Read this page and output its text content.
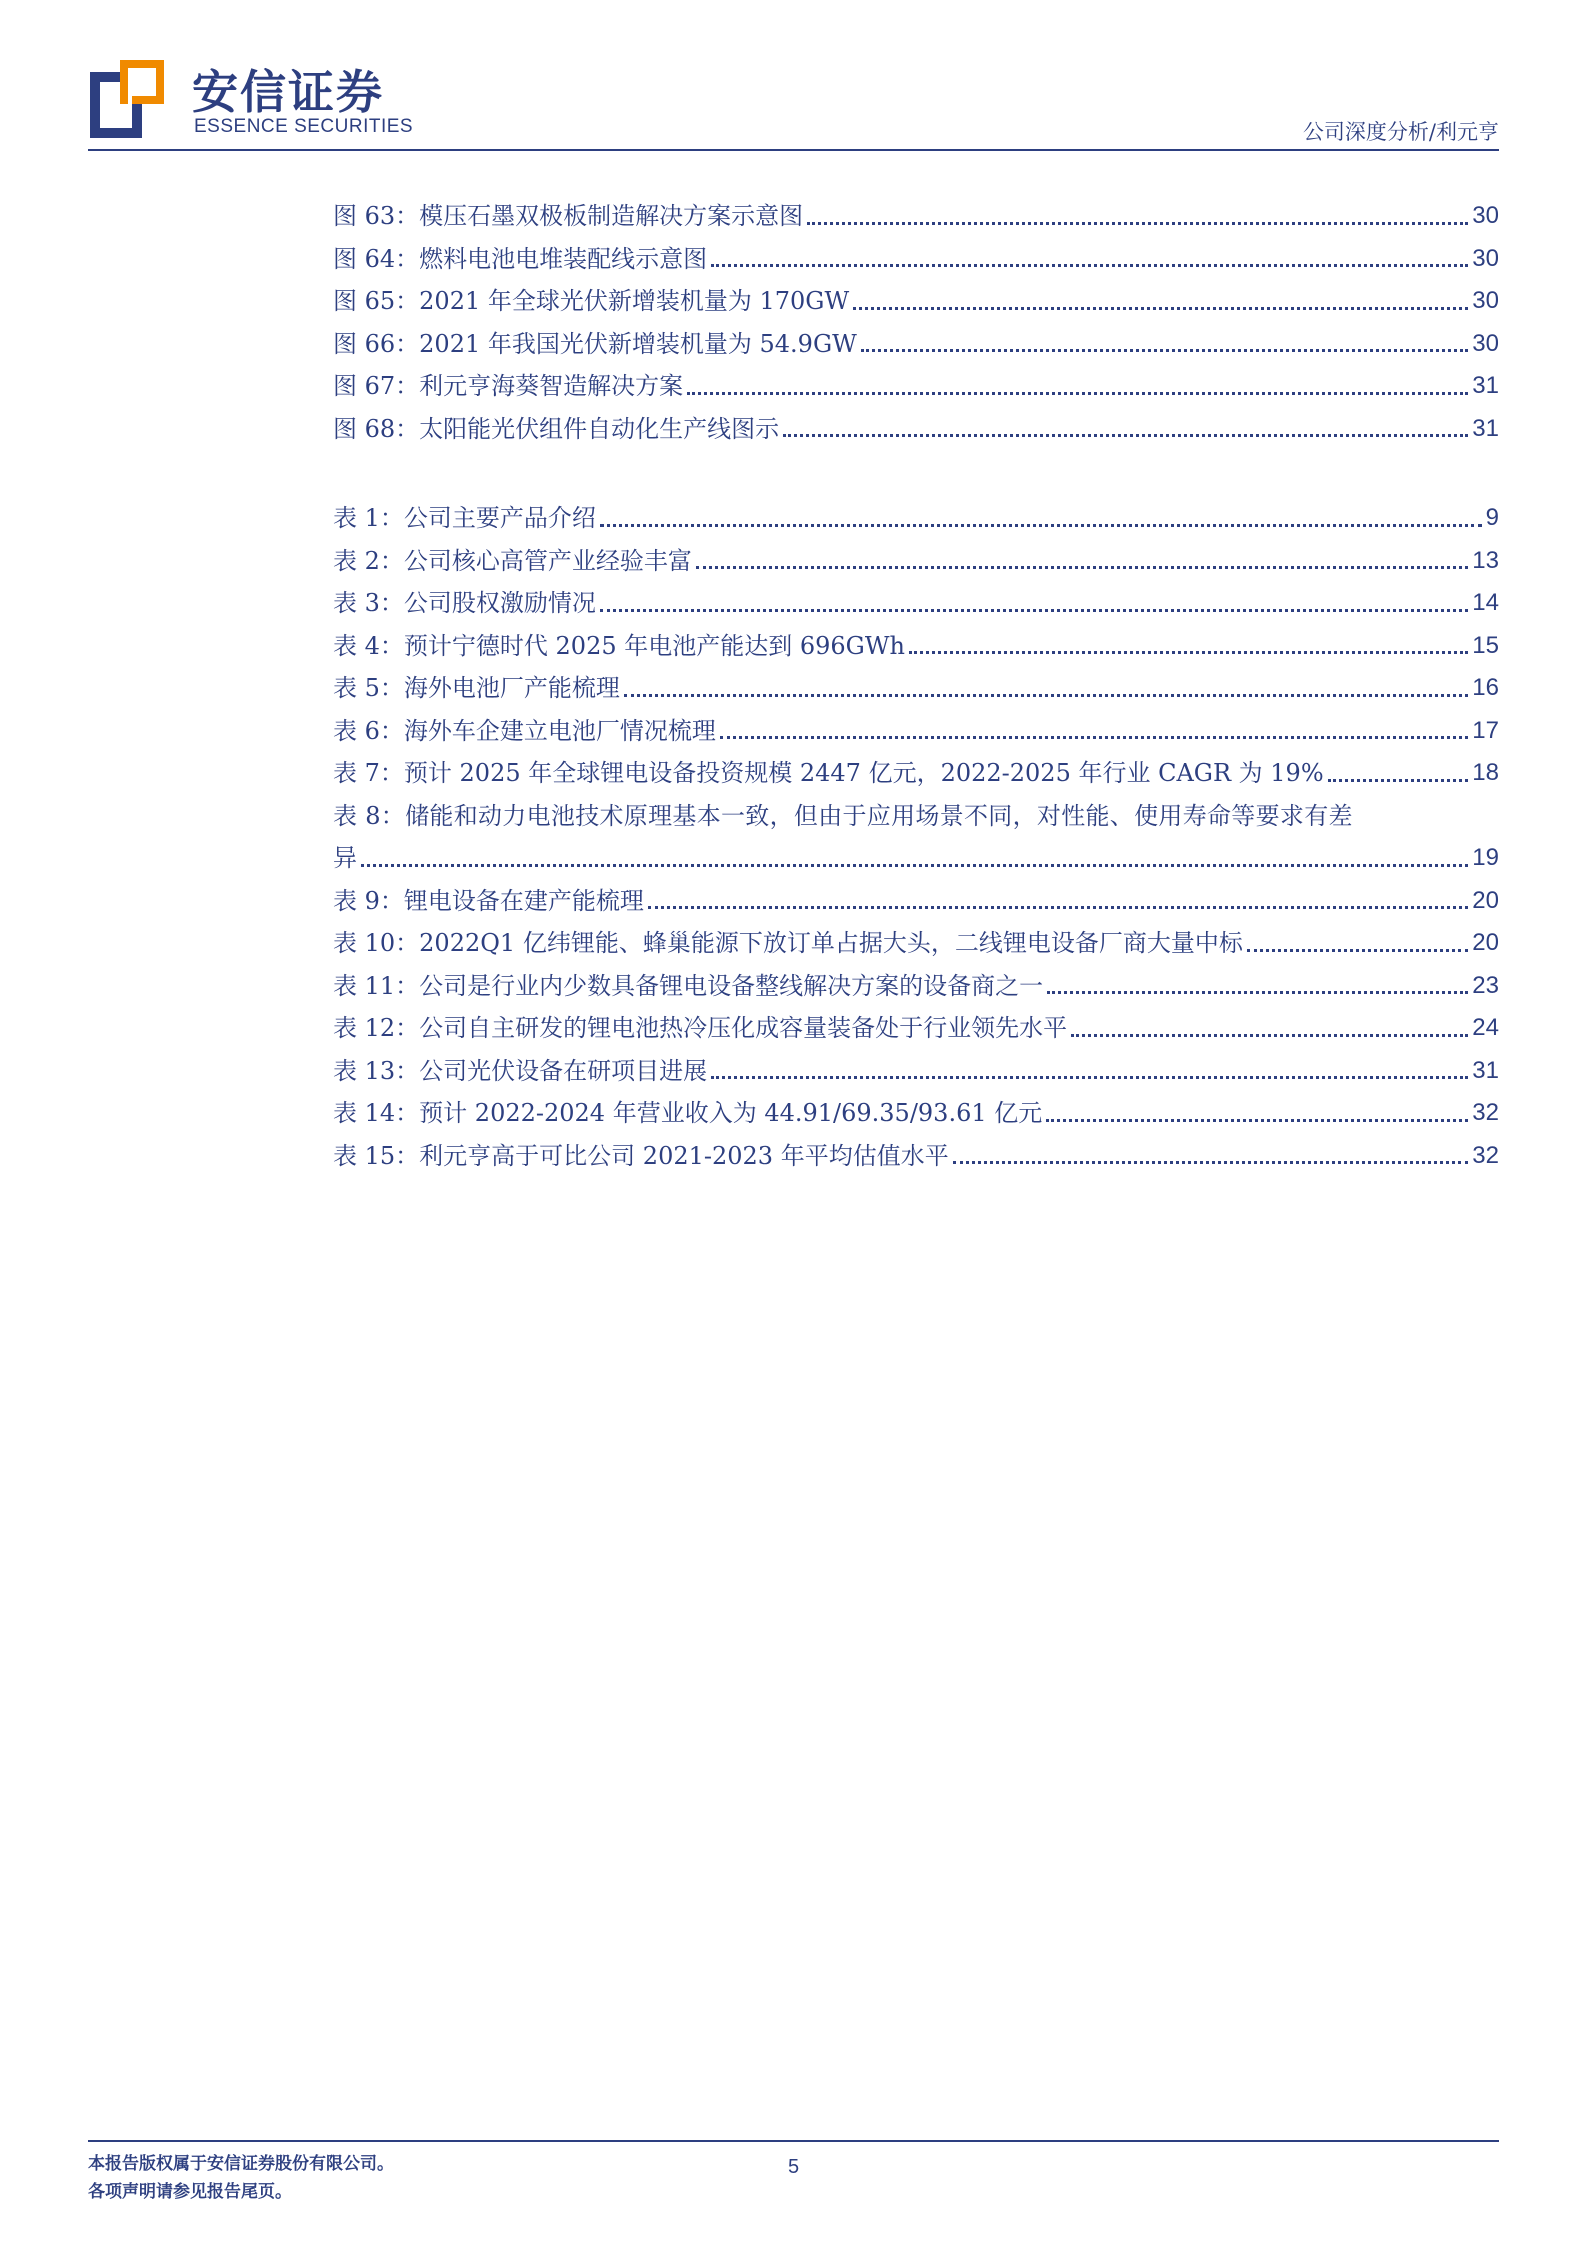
安信证券
ESSENCE SECURITIES	公司深度分析/利元亨
图 63：模压石墨双极板制造解决方案示意图	30
图 64：燃料电池电堆装配线示意图	30
图 65：2021 年全球光伏新增装机量为 170GW	30
图 66：2021 年我国光伏新增装机量为 54.9GW	30
图 67：利元亨海葵智造解决方案	31
图 68：太阳能光伏组件自动化生产线图示	31
表 1：公司主要产品介绍	9
表 2：公司核心高管产业经验丰富	13
表 3：公司股权激励情况	14
表 4：预计宁德时代 2025 年电池产能达到 696GWh	15
表 5：海外电池厂产能梳理	16
表 6：海外车企建立电池厂情况梳理	17
表 7：预计 2025 年全球锂电设备投资规模 2447 亿元，2022-2025 年行业 CAGR 为 19%	18
表 8：储能和动力电池技术原理基本一致，但由于应用场景不同，对性能、使用寿命等要求有差
异	19
表 9：锂电设备在建产能梳理	20
表 10：2022Q1 亿纬锂能、蜂巢能源下放订单占据大头，二线锂电设备厂商大量中标	20
表 11：公司是行业内少数具备锂电设备整线解决方案的设备商之一	23
表 12：公司自主研发的锂电池热冷压化成容量装备处于行业领先水平	24
表 13：公司光伏设备在研项目进展	31
表 14：预计 2022-2024 年营业收入为 44.91/69.35/93.61 亿元	32
表 15：利元亨高于可比公司 2021-2023 年平均估值水平	32
本报告版权属于安信证券股份有限公司。
各项声明请参见报告尾页。
5
